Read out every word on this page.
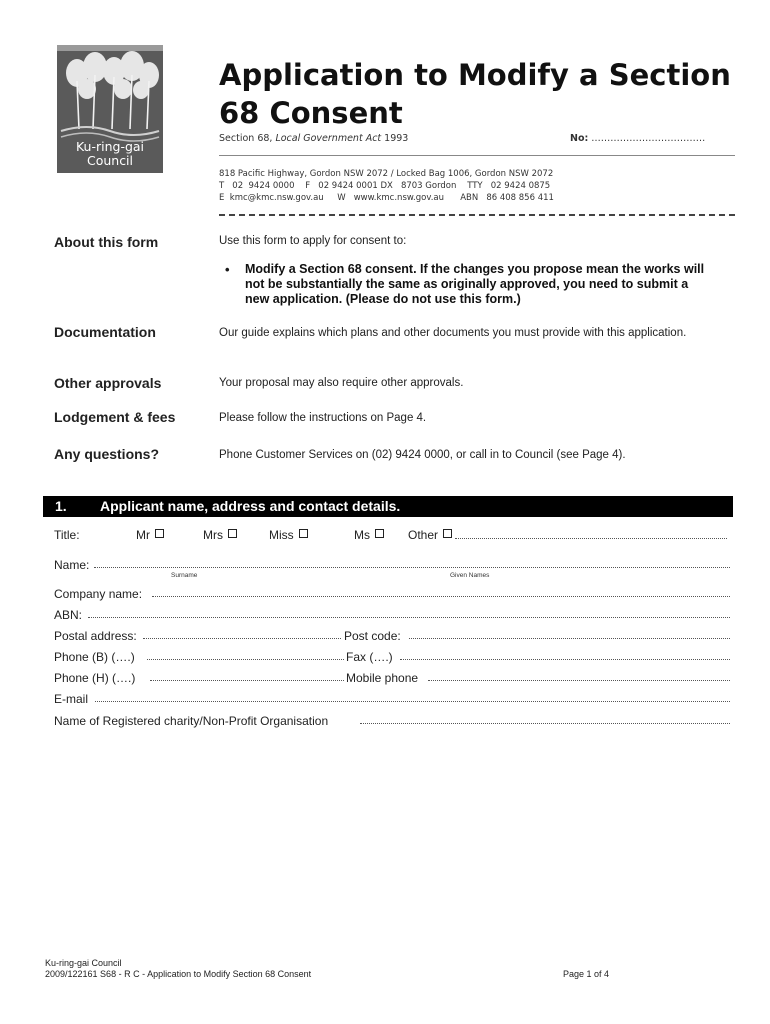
Ku-ring-gai
Council
Application to Modify a Section 68 Consent
Section 68, Local Government Act 1993	No: ………………………………
818 Pacific Highway, Gordon NSW 2072 / Locked Bag 1006, Gordon NSW 2072
T   02  9424 0000    F   02 9424 0001 DX   8703 Gordon    TTY   02 9424 0875
E  kmc@kmc.nsw.gov.au     W   www.kmc.nsw.gov.au      ABN   86 408 856 411
About this form	Use this form to apply for consent to:
• Modify a Section 68 consent. If the changes you propose mean the works will not be substantially the same as originally approved, you need to submit a new application. (Please do not use this form.)
Documentation	Our guide explains which plans and other documents you must provide with this application.
Other approvals	Your proposal may also require other approvals.
Lodgement & fees	Please follow the instructions on Page 4.
Any questions?	Phone Customer Services on (02) 9424 0000, or call in to Council (see Page 4).
1. Applicant name, address and contact details.
Title:	Mr	Mrs	Miss	Ms	Other
Name:
Surname	Given Names
Company name:
ABN:
Postal address:	Post code:
Phone (B) (….)	Fax (….)
Phone (H) (….)	Mobile phone
E-mail
Name of Registered charity/Non-Profit Organisation
Ku-ring-gai Council
2009/122161 S68 - R C - Application to Modify Section 68 Consent	Page 1 of 4
